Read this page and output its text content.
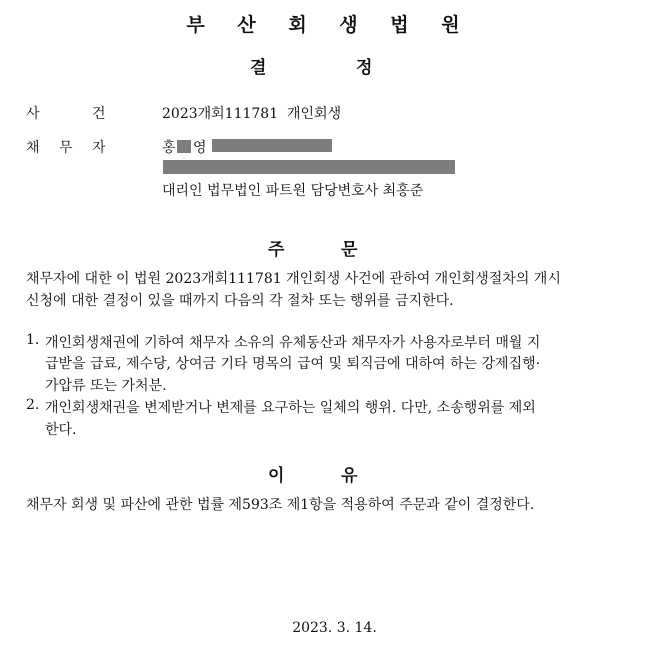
부 산 회 생 법 원
결	정
사	건	2023개회111781  개인회생
채 무 자	홍 영
대리인 법무법인 파트원 담당변호사 최홍준
주	문
채무자에 대한 이 법원 2023개회111781 개인회생 사건에 관하여 개인회생절차의 개시
신청에 대한 결정이 있을 때까지 다음의 각 절차 또는 행위를 금지한다.
1. 개인회생채권에 기하여 채무자 소유의 유체동산과 채무자가 사용자로부터 매월 지
급받을 급료, 제수당, 상여금 기타 명목의 급여 및 퇴직금에 대하여 하는 강제집행·
가압류 또는 가처분.
2. 개인회생채권을 변제받거나 변제를 요구하는 일체의 행위. 다만, 소송행위를 제외
한다.
이	유
채무자 회생 및 파산에 관한 법률 제593조 제1항을 적용하여 주문과 같이 결정한다.
2023. 3. 14.
